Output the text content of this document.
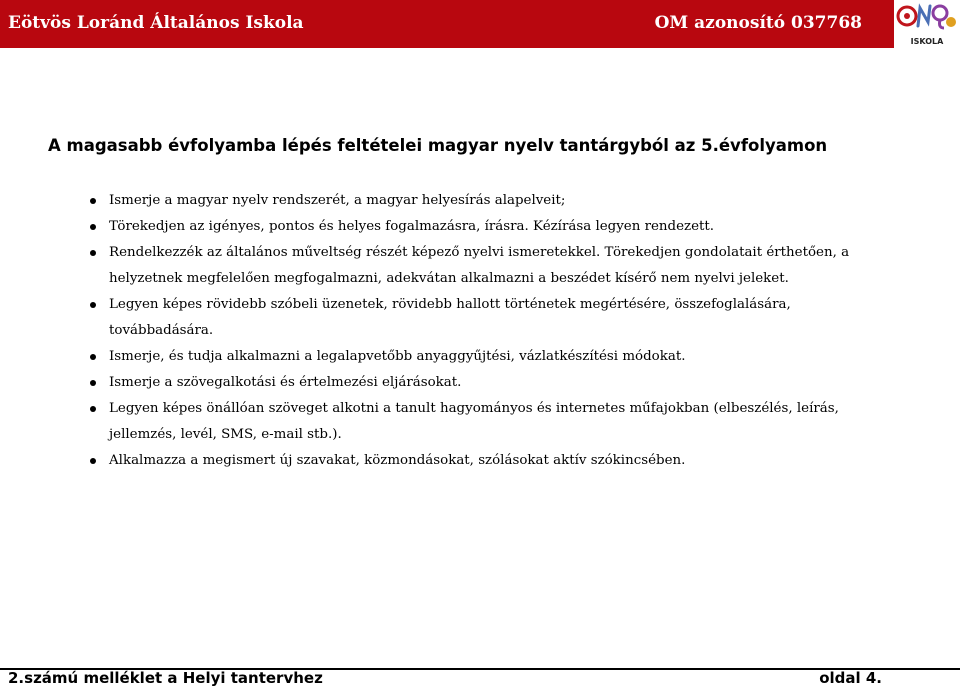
Eötvös Loránd Általános Iskola	OM azonosító 037768
ISKOLA
A magasabb évfolyamba lépés feltételei magyar nyelv tantárgyból az 5.évfolyamon
Ismerje a magyar nyelv rendszerét, a magyar helyesírás alapelveit;
Törekedjen az igényes, pontos és helyes fogalmazásra, írásra. Kézírása legyen rendezett.
Rendelkezzék az általános műveltség részét képező nyelvi ismeretekkel. Törekedjen gondolatait érthetően, a helyzetnek megfelelően megfogalmazni, adekvátan alkalmazni a beszédet kísérő nem nyelvi jeleket.
Legyen képes rövidebb szóbeli üzenetek, rövidebb hallott történetek megértésére, összefoglalására, továbbadására.
Ismerje, és tudja alkalmazni a legalapvetőbb anyaggyűjtési, vázlatkészítési módokat.
Ismerje a szövegalkotási és értelmezési eljárásokat.
Legyen képes önállóan szöveget alkotni a tanult hagyományos és internetes műfajokban (elbeszélés, leírás, jellemzés, levél, SMS, e-mail stb.).
Alkalmazza a megismert új szavakat, közmondásokat, szólásokat aktív szókincsében.
2.számú melléklet a Helyi tantervhez	oldal 4.
